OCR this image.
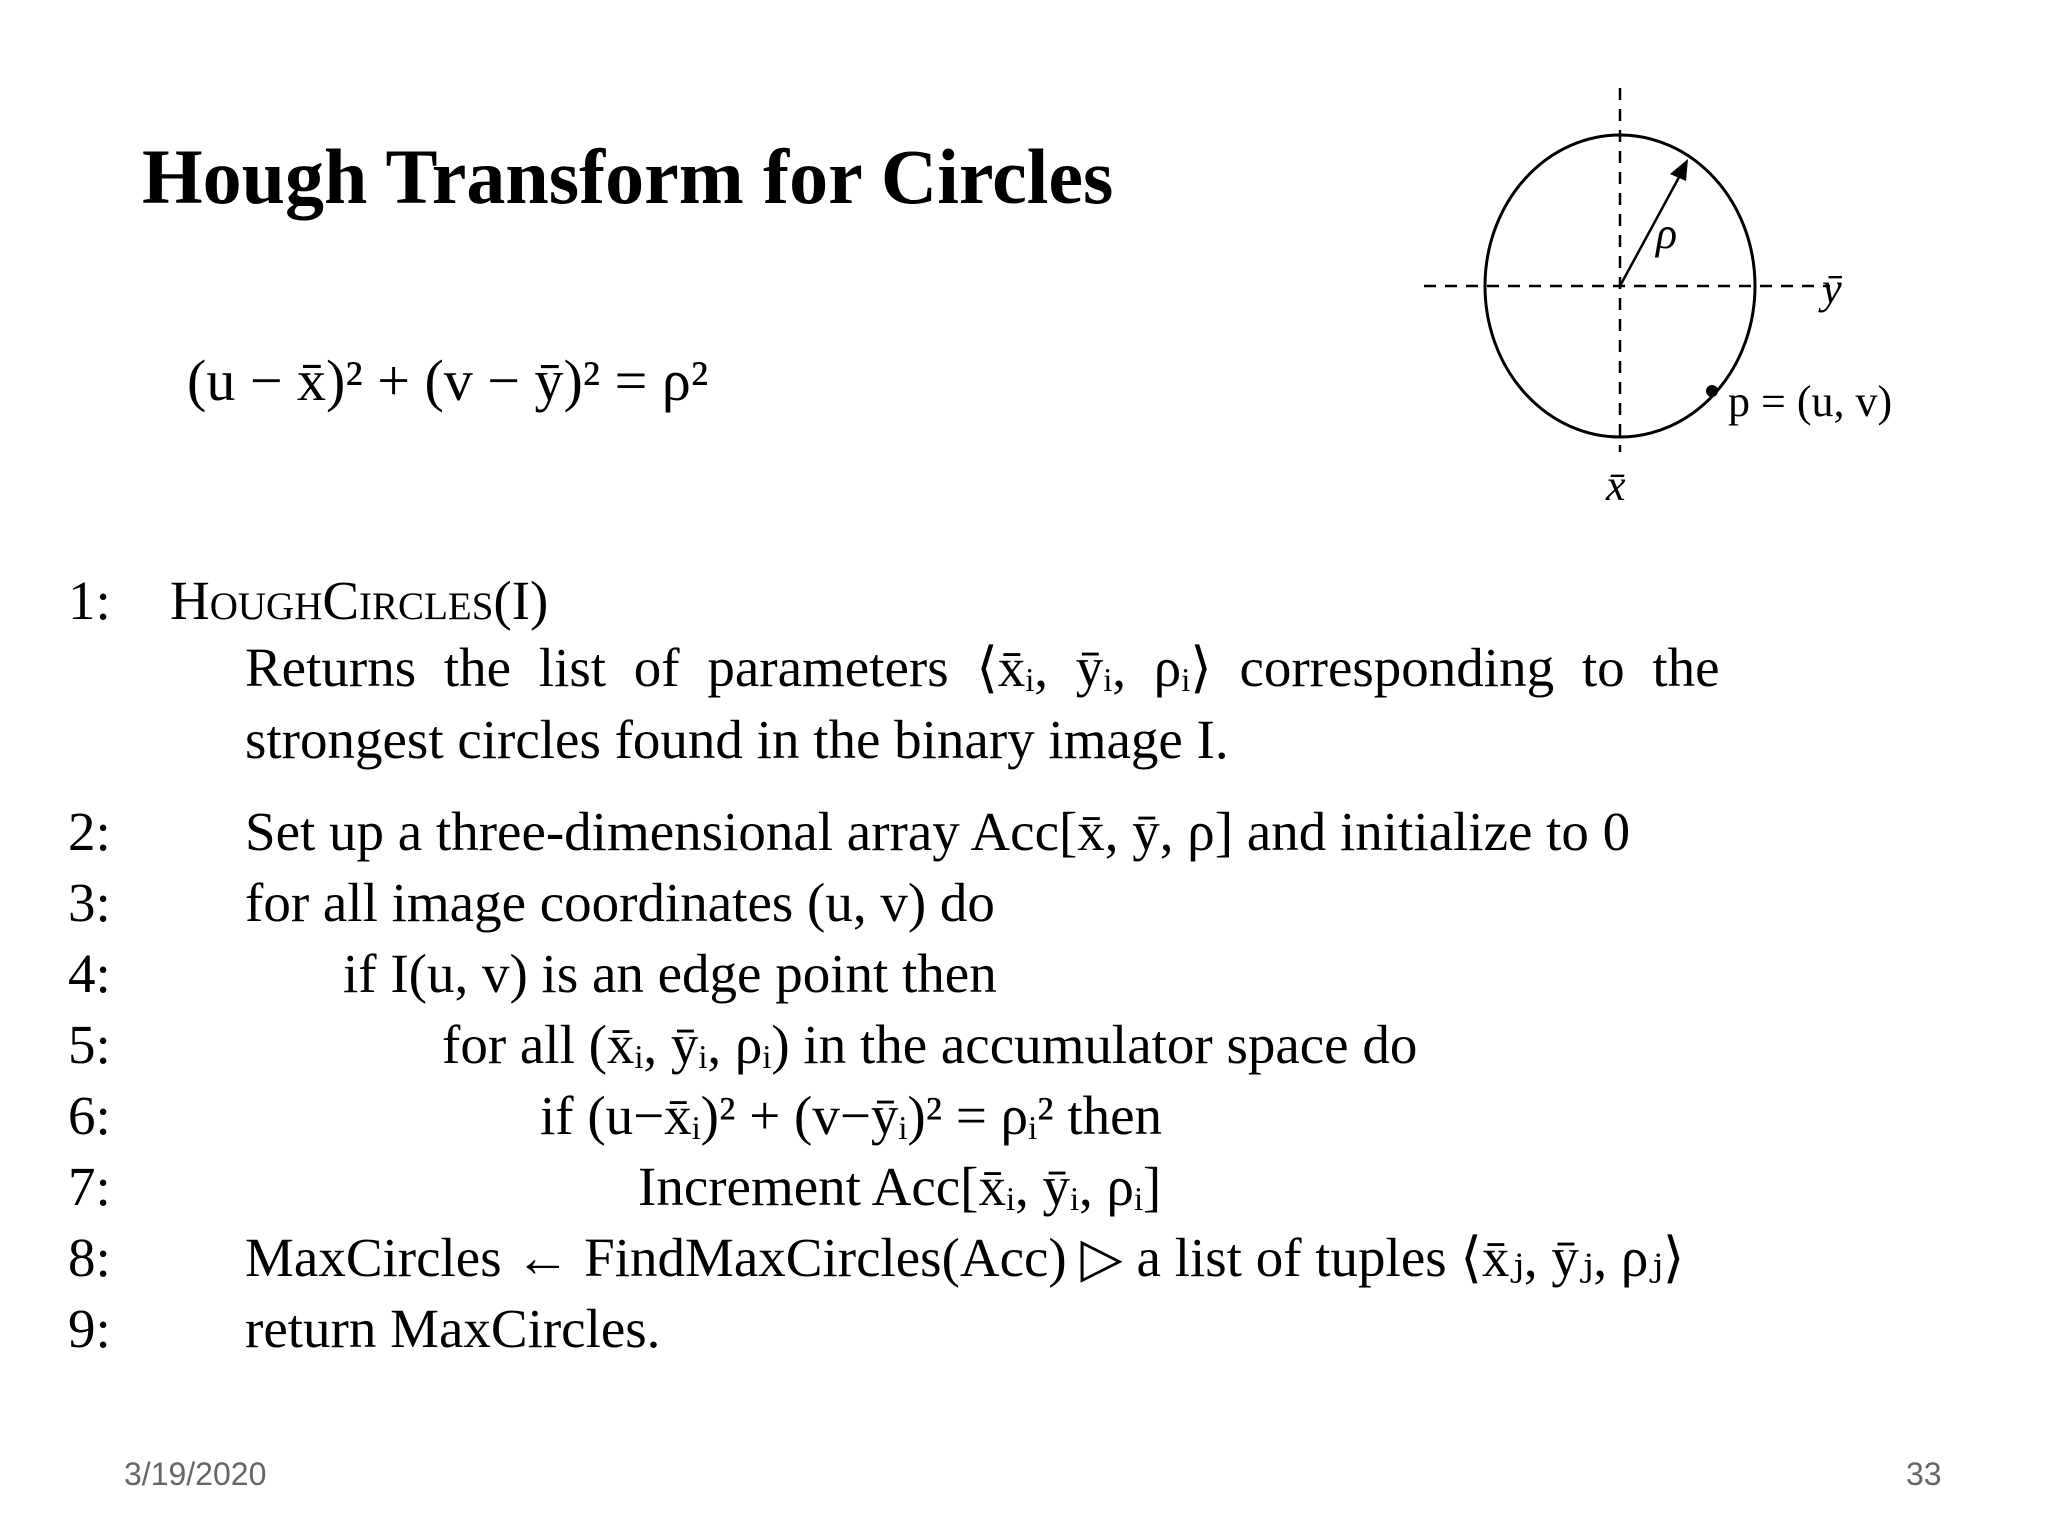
Hough Transform for Circles
(u − x̄)² + (v − ȳ)² = ρ²
ρ
ȳ
x̄
p = (u, v)
1: HoughCircles(I)
Returns the list of parameters ⟨x̄ᵢ, ȳᵢ, ρᵢ⟩ corresponding to the
strongest circles found in the binary image I.
2: Set up a three-dimensional array Acc[x̄, ȳ, ρ] and initialize to 0
3: for all image coordinates (u, v) do
4:	if I(u, v) is an edge point then
5:	for all (x̄ᵢ, ȳᵢ, ρᵢ) in the accumulator space do
6:	if (u−x̄ᵢ)² + (v−ȳᵢ)² = ρᵢ² then
7:	Increment Acc[x̄ᵢ, ȳᵢ, ρᵢ]
8: MaxCircles ← FindMaxCircles(Acc) ▷ a list of tuples ⟨x̄ⱼ, ȳⱼ, ρⱼ⟩
9: return MaxCircles.
3/19/2020	33
